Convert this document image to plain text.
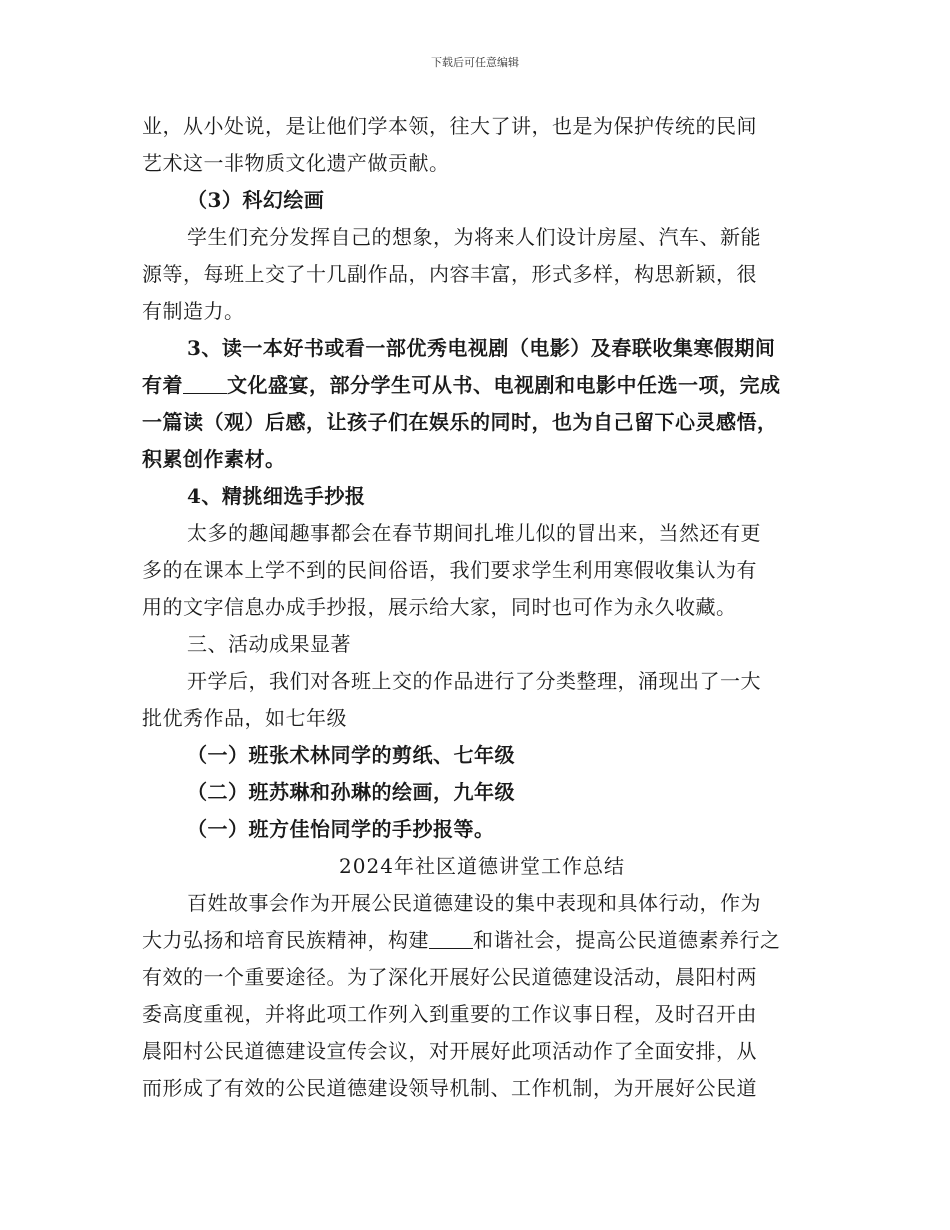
下载后可任意编辑
业，从小处说，是让他们学本领，往大了讲，也是为保护传统的民间
艺术这一非物质文化遗产做贡献。
（3）科幻绘画
学生们充分发挥自己的想象，为将来人们设计房屋、汽车、新能
源等，每班上交了十几副作品，内容丰富，形式多样，构思新颖，很
有制造力。
3、读一本好书或看一部优秀电视剧（电影）及春联收集寒假期间
有着 文化盛宴，部分学生可从书、电视剧和电影中任选一项，完成
一篇读（观）后感，让孩子们在娱乐的同时，也为自己留下心灵感悟，
积累创作素材。
4、精挑细选手抄报
太多的趣闻趣事都会在春节期间扎堆儿似的冒出来，当然还有更
多的在课本上学不到的民间俗语，我们要求学生利用寒假收集认为有
用的文字信息办成手抄报，展示给大家，同时也可作为永久收藏。
三、活动成果显著
开学后，我们对各班上交的作品进行了分类整理，涌现出了一大
批优秀作品，如七年级
（一）班张术林同学的剪纸、七年级
（二）班苏琳和孙琳的绘画，九年级
（一）班方佳怡同学的手抄报等。
2024年社区道德讲堂工作总结
百姓故事会作为开展公民道德建设的集中表现和具体行动，作为
大力弘扬和培育民族精神，构建 和谐社会，提高公民道德素养行之
有效的一个重要途径。为了深化开展好公民道德建设活动，晨阳村两
委高度重视，并将此项工作列入到重要的工作议事日程，及时召开由
晨阳村公民道德建设宣传会议，对开展好此项活动作了全面安排，从
而形成了有效的公民道德建设领导机制、工作机制，为开展好公民道
